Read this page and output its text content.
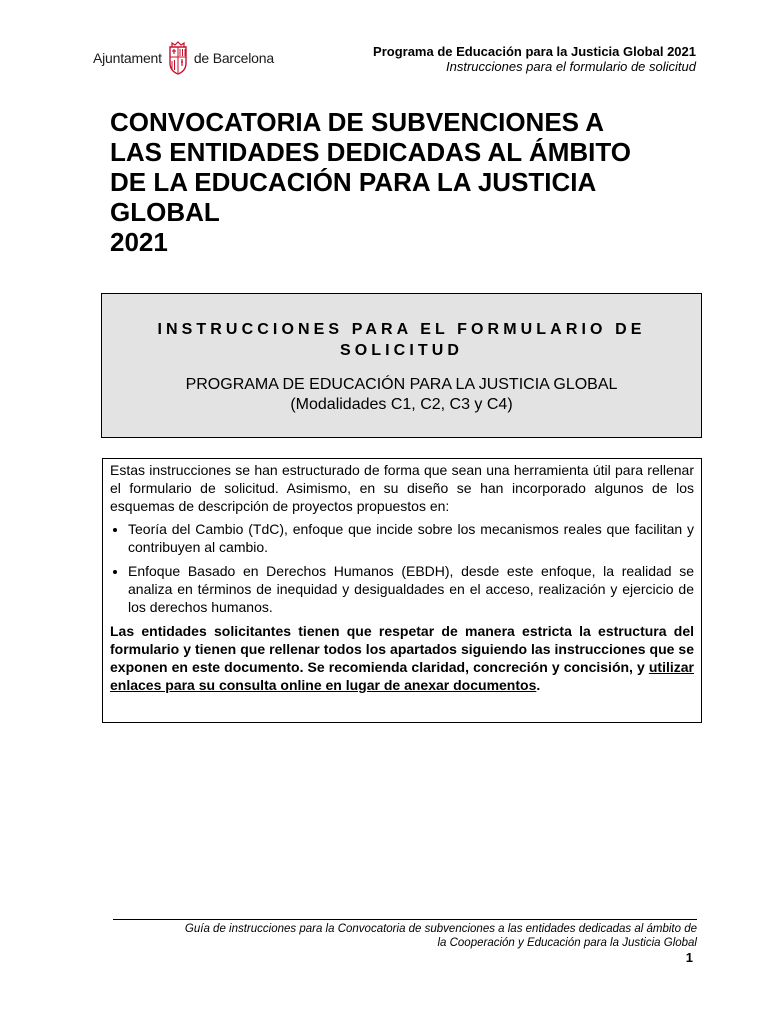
Ajuntament de Barcelona	Programa de Educación para la Justicia Global 2021
Instrucciones para el formulario de solicitud
CONVOCATORIA DE SUBVENCIONES A
LAS ENTIDADES DEDICADAS AL ÁMBITO
DE LA EDUCACIÓN PARA LA JUSTICIA
GLOBAL
2021
INSTRUCCIONES PARA EL FORMULARIO DE
SOLICITUD
PROGRAMA DE EDUCACIÓN PARA LA JUSTICIA GLOBAL
(Modalidades C1, C2, C3 y C4)

Estas instrucciones se han estructurado de forma que sean una herramienta útil para rellenar el formulario de solicitud. Asimismo, en su diseño se han incorporado algunos de los esquemas de descripción de proyectos propuestos en:

• Teoría del Cambio (TdC), enfoque que incide sobre los mecanismos reales que facilitan y contribuyen al cambio.
• Enfoque Basado en Derechos Humanos (EBDH), desde este enfoque, la realidad se analiza en términos de inequidad y desigualdades en el acceso, realización y ejercicio de los derechos humanos.

Las entidades solicitantes tienen que respetar de manera estricta la estructura del formulario y tienen que rellenar todos los apartados siguiendo las instrucciones que se exponen en este documento. Se recomienda claridad, concreción y concisión, y utilizar enlaces para su consulta online en lugar de anexar documentos.

Guía de instrucciones para la Convocatoria de subvenciones a las entidades dedicadas al ámbito de
la Cooperación y Educación para la Justicia Global
1
